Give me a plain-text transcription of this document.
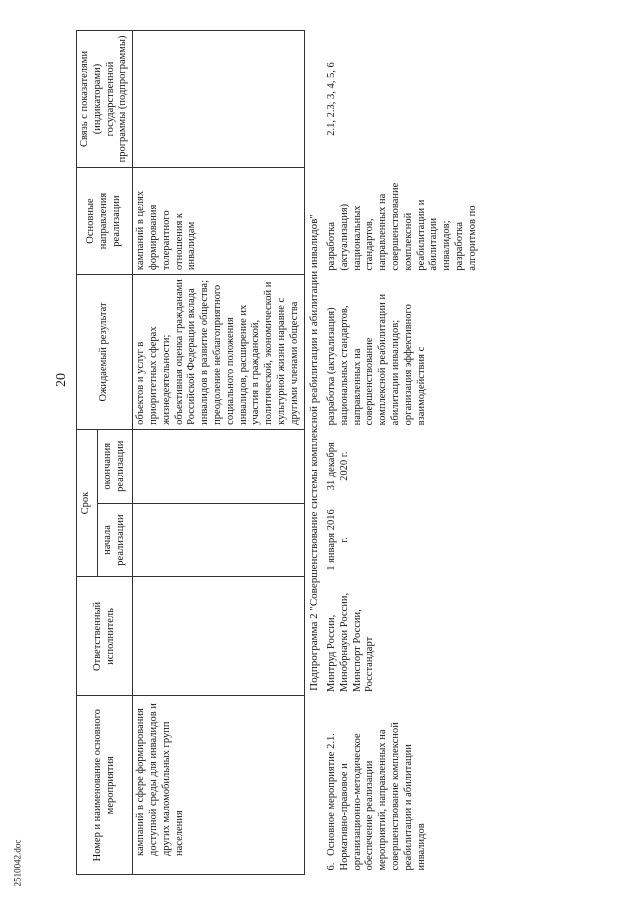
20
2510042.doc
Номер и наименование основного мероприятия	Ответственный исполнитель	Срок		Ожидаемый результат	Основные направления реализации	Связь с показателями (индикаторами) государственной программы (подпрограммы)
		начала реализации	окончания реализации			
кампаний в сфере формирования доступной среды для инвалидов и других маломобильных групп населения				объектов и услуг в приоритетных сферах жизнедеятельности; объективная оценка гражданами Российской Федерации вклада инвалидов в развитие общества; преодоление неблагоприятного социального положения инвалидов, расширение их участия в гражданской, политической, экономической и культурной жизни наравне с другими членами общества	кампаний в целях формирования толерантного отношения к инвалидам	
Подпрограмма 2 "Совершенствование системы комплексной реабилитации и абилитации инвалидов"						
6. Основное мероприятие 2.1. Нормативно-правовое и организационно-методическое обеспечение реализации мероприятий, направленных на совершенствование комплексной реабилитации и абилитации инвалидов	Минтруд России, Минобрнауки России, Минспорт России, Росстандарт	1 января 2016 г.	31 декабря 2020 г.	разработка (актуализация) национальных стандартов, направленных на совершенствование комплексной реабилитации и абилитации инвалидов; организация эффективного взаимодействия с	разработка (актуализация) национальных стандартов, направленных на совершенствование комплексной реабилитации и абилитации инвалидов; разработка алгоритмов по	2.1, 2.3, 3, 4, 5, 6
